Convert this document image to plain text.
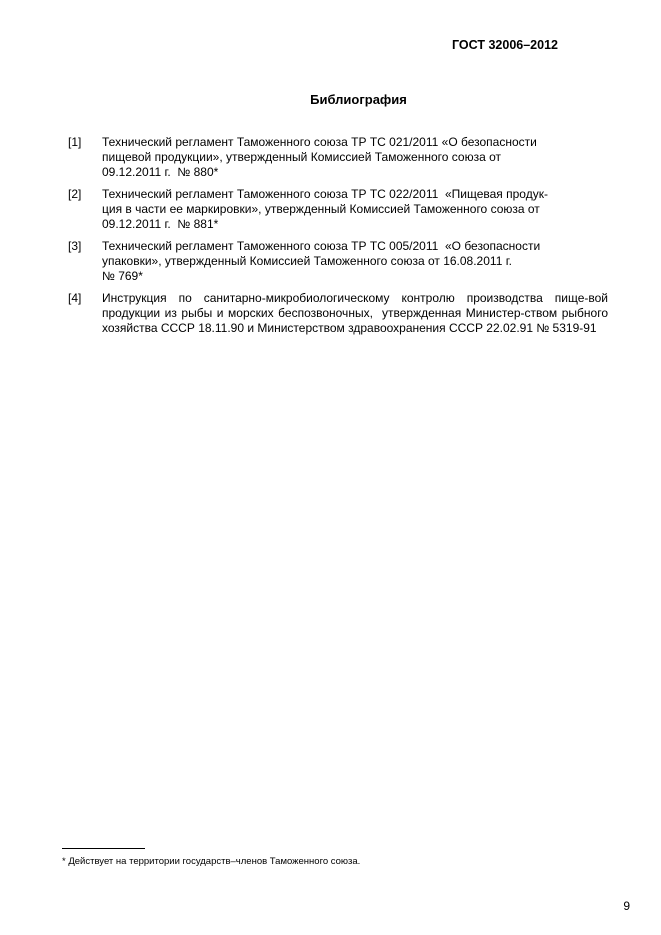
ГОСТ 32006–2012
Библиография
[1]	Технический регламент Таможенного союза ТР ТС 021/2011 «О безопасности
пищевой продукции», утвержденный Комиссией Таможенного союза от
09.12.2011 г.  № 880*
[2]	Технический регламент Таможенного союза ТР ТС 022/2011  «Пищевая продук-
ция в части ее маркировки», утвержденный Комиссией Таможенного союза от
09.12.2011 г.  № 881*
[3]	Технический регламент Таможенного союза ТР ТС 005/2011  «О безопасности
упаковки», утвержденный Комиссией Таможенного союза от 16.08.2011 г.
№ 769*
[4]	Инструкция по санитарно-микробиологическому контролю производства пище-вой продукции из рыбы и морских беспозвоночных,  утвержденная Министер-ством рыбного хозяйства СССР 18.11.90 и Министерством здравоохранения СССР 22.02.91 № 5319-91
* Действует на территории государств–членов Таможенного союза.
9
